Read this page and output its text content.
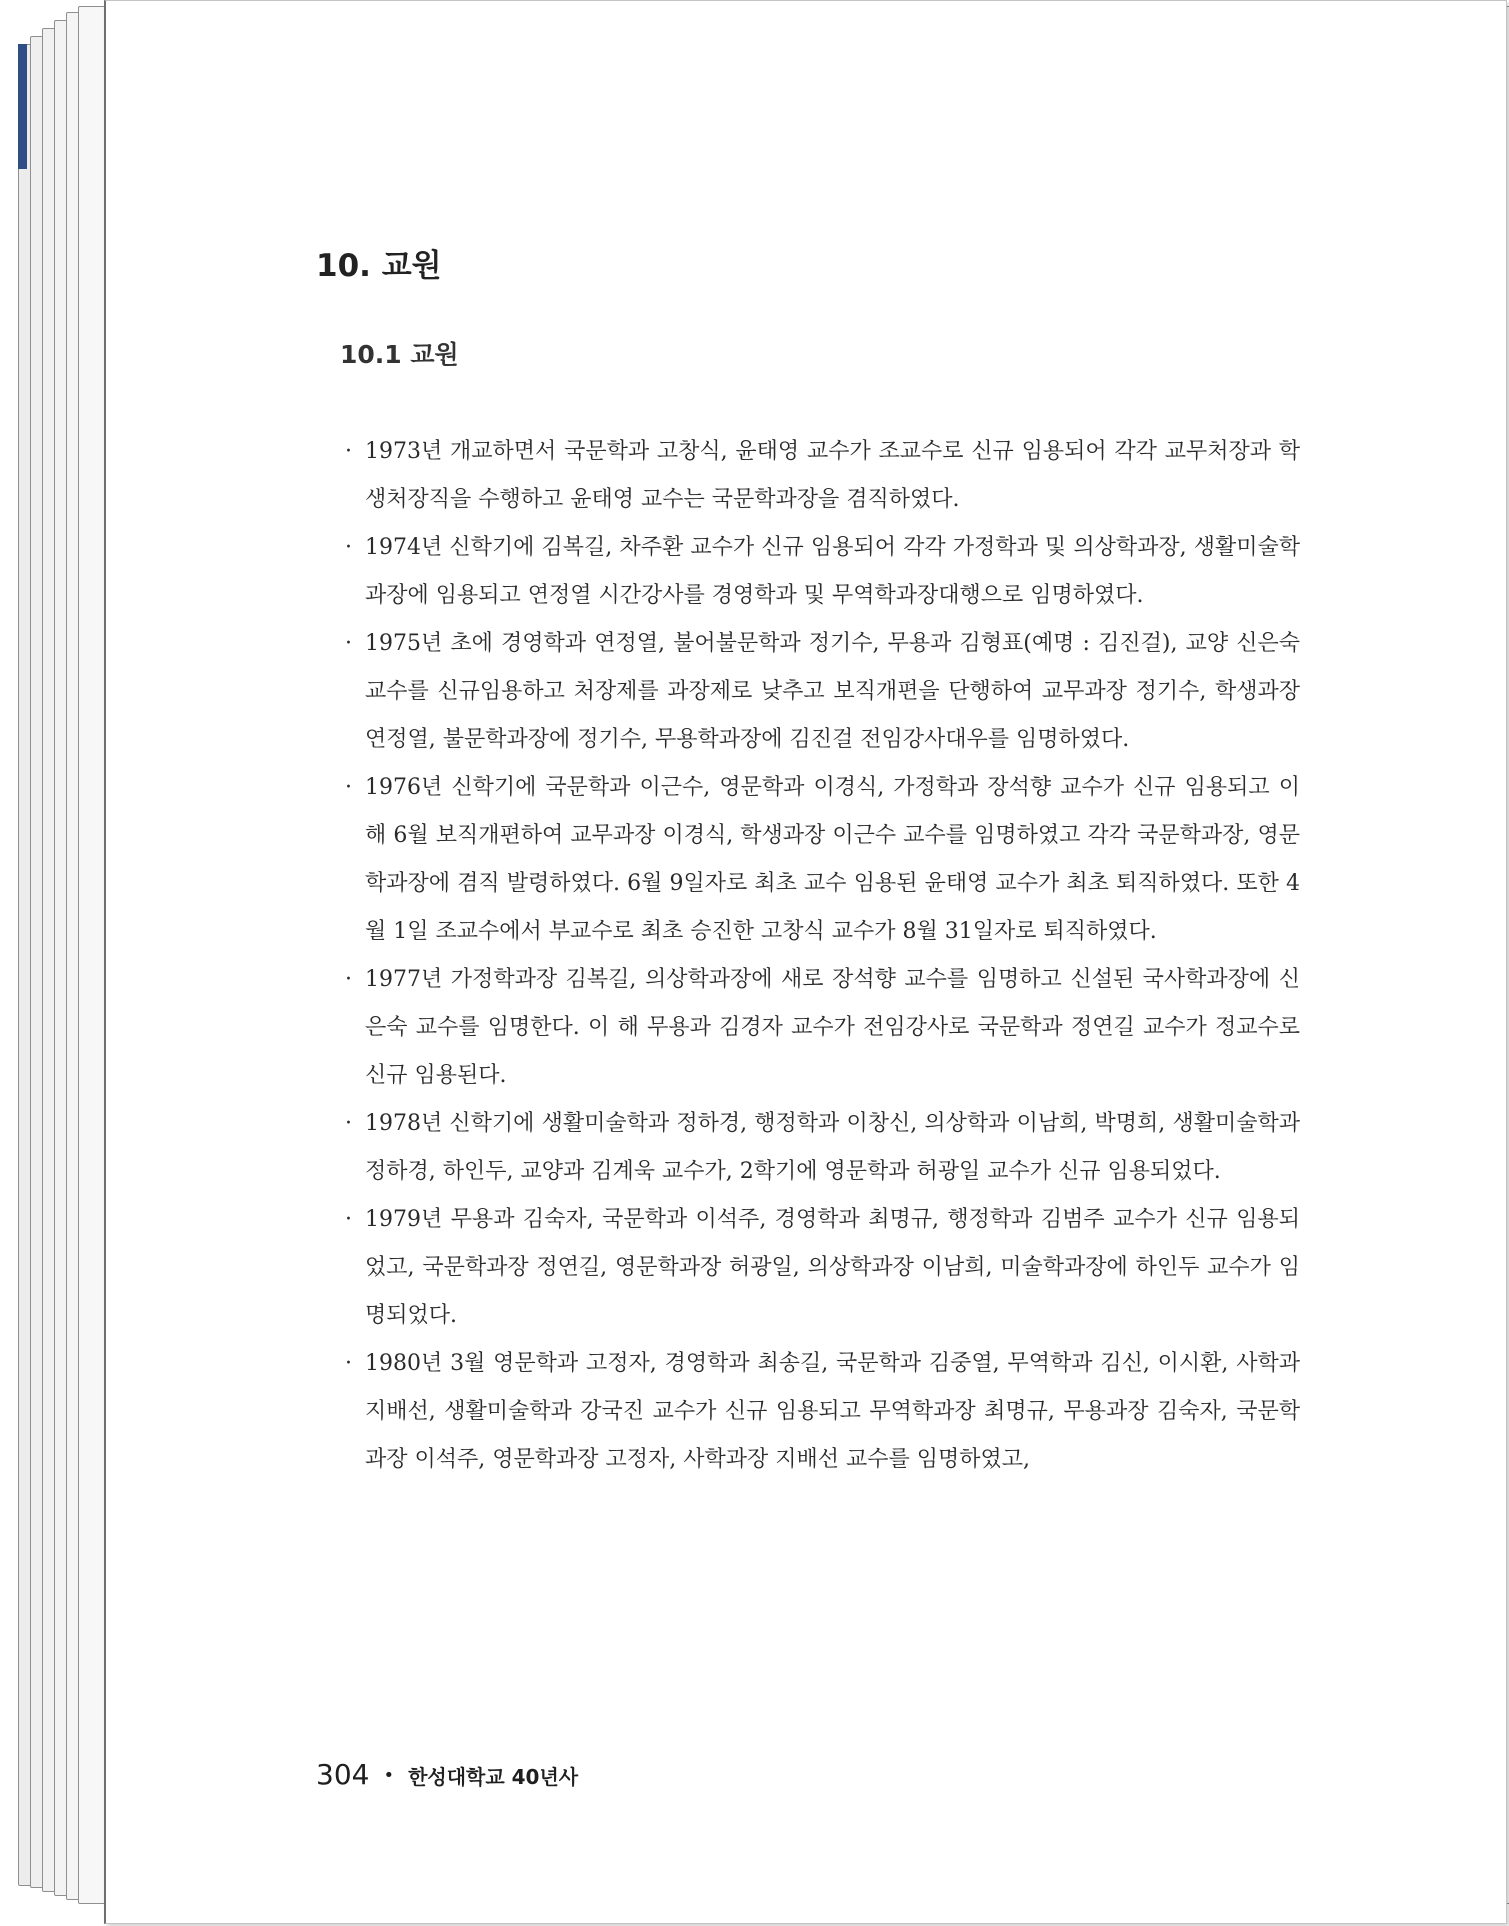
10. 교원
10.1 교원
· 1973년 개교하면서 국문학과 고창식, 윤태영 교수가 조교수로 신규 임용되어 각각 교무처장과 학생처장직을 수행하고 윤태영 교수는 국문학과장을 겸직하였다.
· 1974년 신학기에 김복길, 차주환 교수가 신규 임용되어 각각 가정학과 및 의상학과장, 생활미술학과장에 임용되고 연정열 시간강사를 경영학과 및 무역학과장대행으로 임명하였다.
· 1975년 초에 경영학과 연정열, 불어불문학과 정기수, 무용과 김형표(예명 : 김진걸), 교양 신은숙 교수를 신규임용하고 처장제를 과장제로 낮추고 보직개편을 단행하여 교무과장 정기수, 학생과장 연정열, 불문학과장에 정기수, 무용학과장에 김진걸 전임강사대우를 임명하였다.
· 1976년 신학기에 국문학과 이근수, 영문학과 이경식, 가정학과 장석향 교수가 신규 임용되고 이 해 6월 보직개편하여 교무과장 이경식, 학생과장 이근수 교수를 임명하였고 각각 국문학과장, 영문학과장에 겸직 발령하였다. 6월 9일자로 최초 교수 임용된 윤태영 교수가 최초 퇴직하였다. 또한 4월 1일 조교수에서 부교수로 최초 승진한 고창식 교수가 8월 31일자로 퇴직하였다.
· 1977년 가정학과장 김복길, 의상학과장에 새로 장석향 교수를 임명하고 신설된 국사학과장에 신은숙 교수를 임명한다. 이 해 무용과 김경자 교수가 전임강사로 국문학과 정연길 교수가 정교수로 신규 임용된다.
· 1978년 신학기에 생활미술학과 정하경, 행정학과 이창신, 의상학과 이남희, 박명희, 생활미술학과 정하경, 하인두, 교양과 김계욱 교수가, 2학기에 영문학과 허광일 교수가 신규 임용되었다.
· 1979년 무용과 김숙자, 국문학과 이석주, 경영학과 최명규, 행정학과 김범주 교수가 신규 임용되었고, 국문학과장 정연길, 영문학과장 허광일, 의상학과장 이남희, 미술학과장에 하인두 교수가 임명되었다.
· 1980년 3월 영문학과 고정자, 경영학과 최송길, 국문학과 김중열, 무역학과 김신, 이시환, 사학과 지배선, 생활미술학과 강국진 교수가 신규 임용되고 무역학과장 최명규, 무용과장 김숙자, 국문학과장 이석주, 영문학과장 고정자, 사학과장 지배선 교수를 임명하였고,
304 • 한성대학교 40년사
